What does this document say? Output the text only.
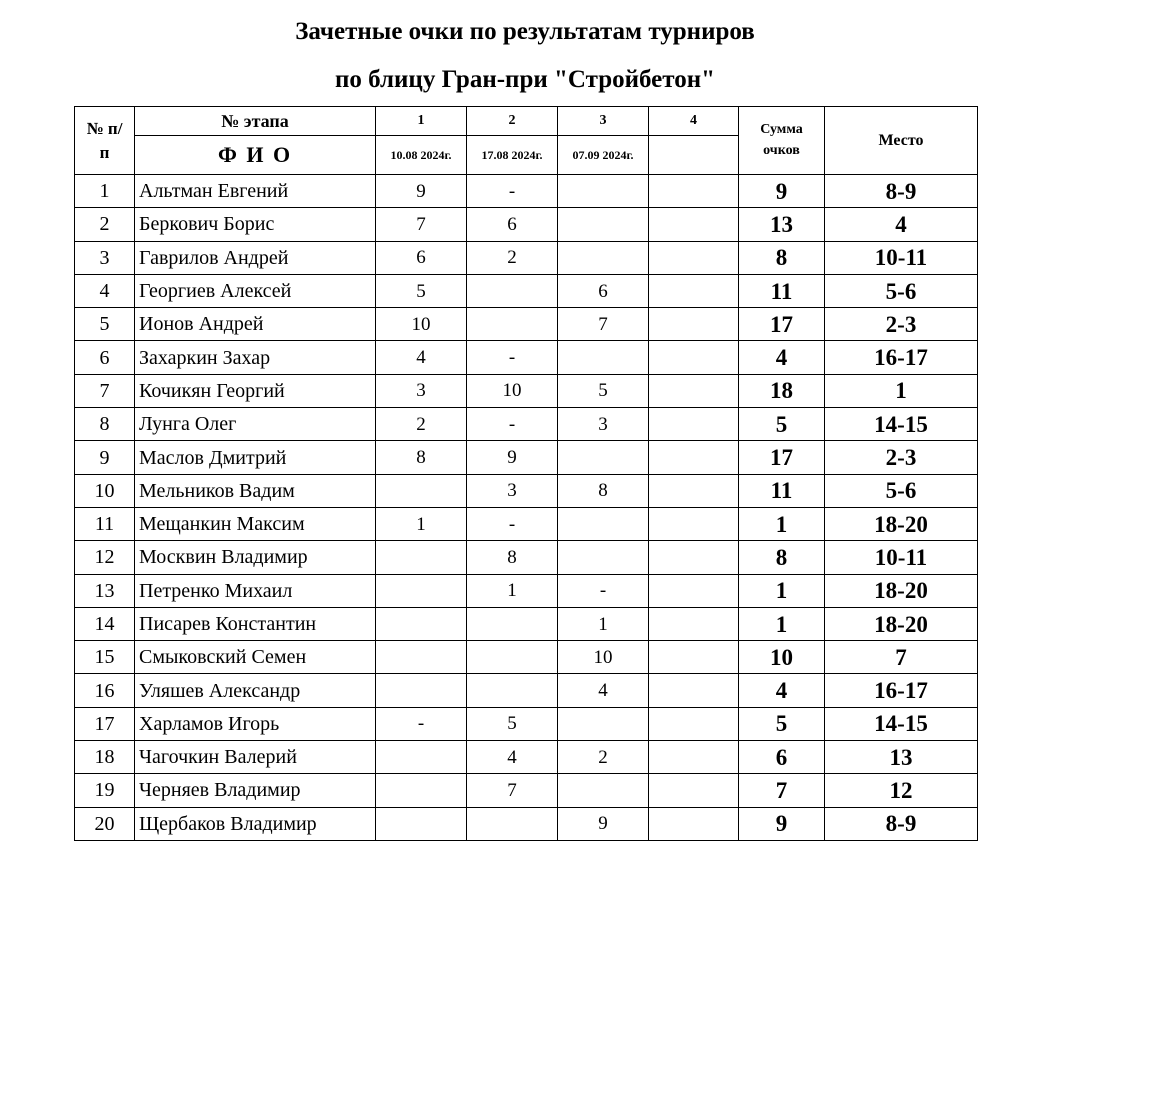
Зачетные очки по результатам турниров
по блицу Гран-при "Стройбетон"
№ п/п	№ этапа	1	2	3	4	Сумма очков	Место
	Ф И О	10.08 2024г.	17.08 2024г.	07.09 2024г.			
1	Альтман Евгений	9	-			9	8-9
2	Беркович Борис	7	6			13	4
3	Гаврилов Андрей	6	2			8	10-11
4	Георгиев Алексей	5		6		11	5-6
5	Ионов Андрей	10		7		17	2-3
6	Захаркин Захар	4	-			4	16-17
7	Кочикян Георгий	3	10	5		18	1
8	Лунга Олег	2	-	3		5	14-15
9	Маслов Дмитрий	8	9			17	2-3
10	Мельников Вадим		3	8		11	5-6
11	Мещанкин Максим	1	-			1	18-20
12	Москвин Владимир		8			8	10-11
13	Петренко Михаил		1	-		1	18-20
14	Писарев Константин			1		1	18-20
15	Смыковский Семен			10		10	7
16	Уляшев Александр			4		4	16-17
17	Харламов Игорь	-	5			5	14-15
18	Чагочкин Валерий		4	2		6	13
19	Черняев Владимир		7			7	12
20	Щербаков Владимир			9		9	8-9
